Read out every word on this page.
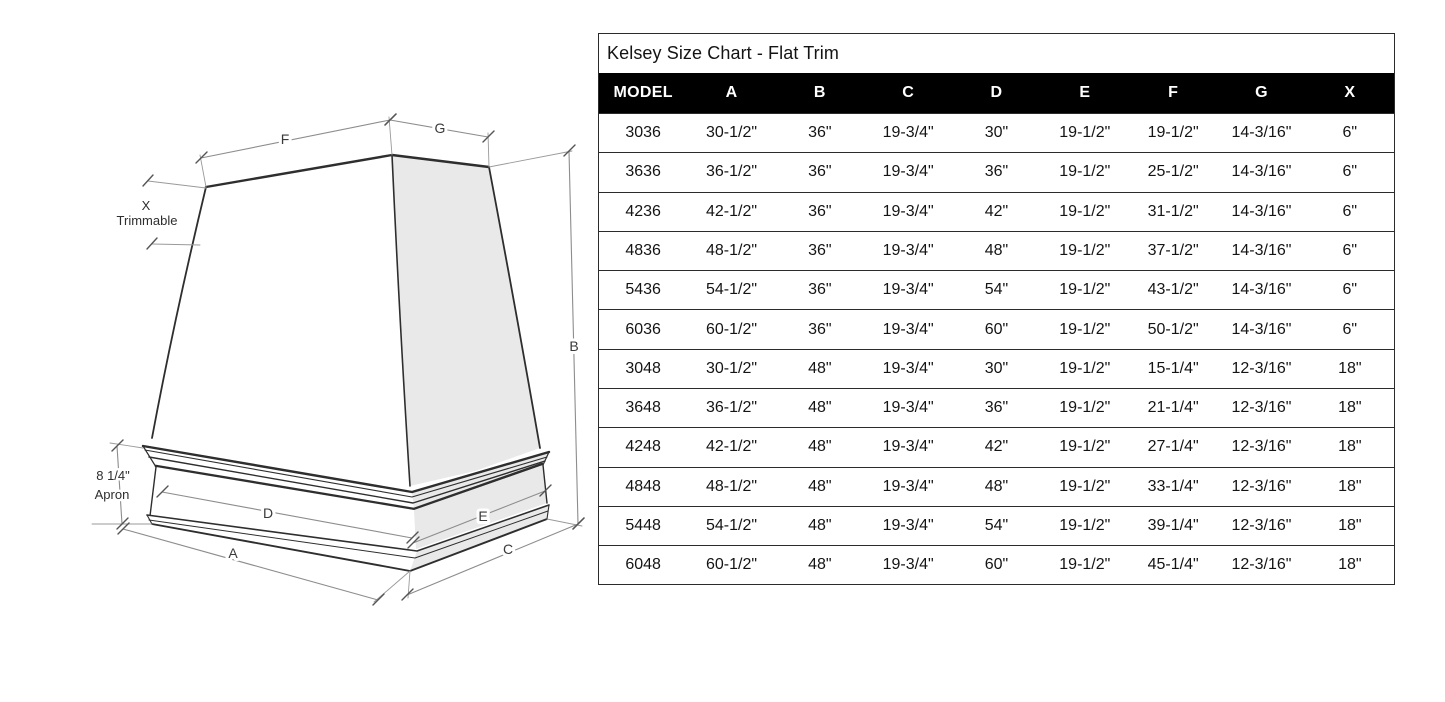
F
G
B
X
Trimmable
8 1/4"
Apron
D	E
A	C
Kelsey Size Chart - Flat Trim
MODEL	A	B	C	D	E	F	G	X
3036	30-1/2"	36"	19-3/4"	30"	19-1/2"	19-1/2"	14-3/16"	6"
3636	36-1/2"	36"	19-3/4"	36"	19-1/2"	25-1/2"	14-3/16"	6"
4236	42-1/2"	36"	19-3/4"	42"	19-1/2"	31-1/2"	14-3/16"	6"
4836	48-1/2"	36"	19-3/4"	48"	19-1/2"	37-1/2"	14-3/16"	6"
5436	54-1/2"	36"	19-3/4"	54"	19-1/2"	43-1/2"	14-3/16"	6"
6036	60-1/2"	36"	19-3/4"	60"	19-1/2"	50-1/2"	14-3/16"	6"
3048	30-1/2"	48"	19-3/4"	30"	19-1/2"	15-1/4"	12-3/16"	18"
3648	36-1/2"	48"	19-3/4"	36"	19-1/2"	21-1/4"	12-3/16"	18"
4248	42-1/2"	48"	19-3/4"	42"	19-1/2"	27-1/4"	12-3/16"	18"
4848	48-1/2"	48"	19-3/4"	48"	19-1/2"	33-1/4"	12-3/16"	18"
5448	54-1/2"	48"	19-3/4"	54"	19-1/2"	39-1/4"	12-3/16"	18"
6048	60-1/2"	48"	19-3/4"	60"	19-1/2"	45-1/4"	12-3/16"	18"
